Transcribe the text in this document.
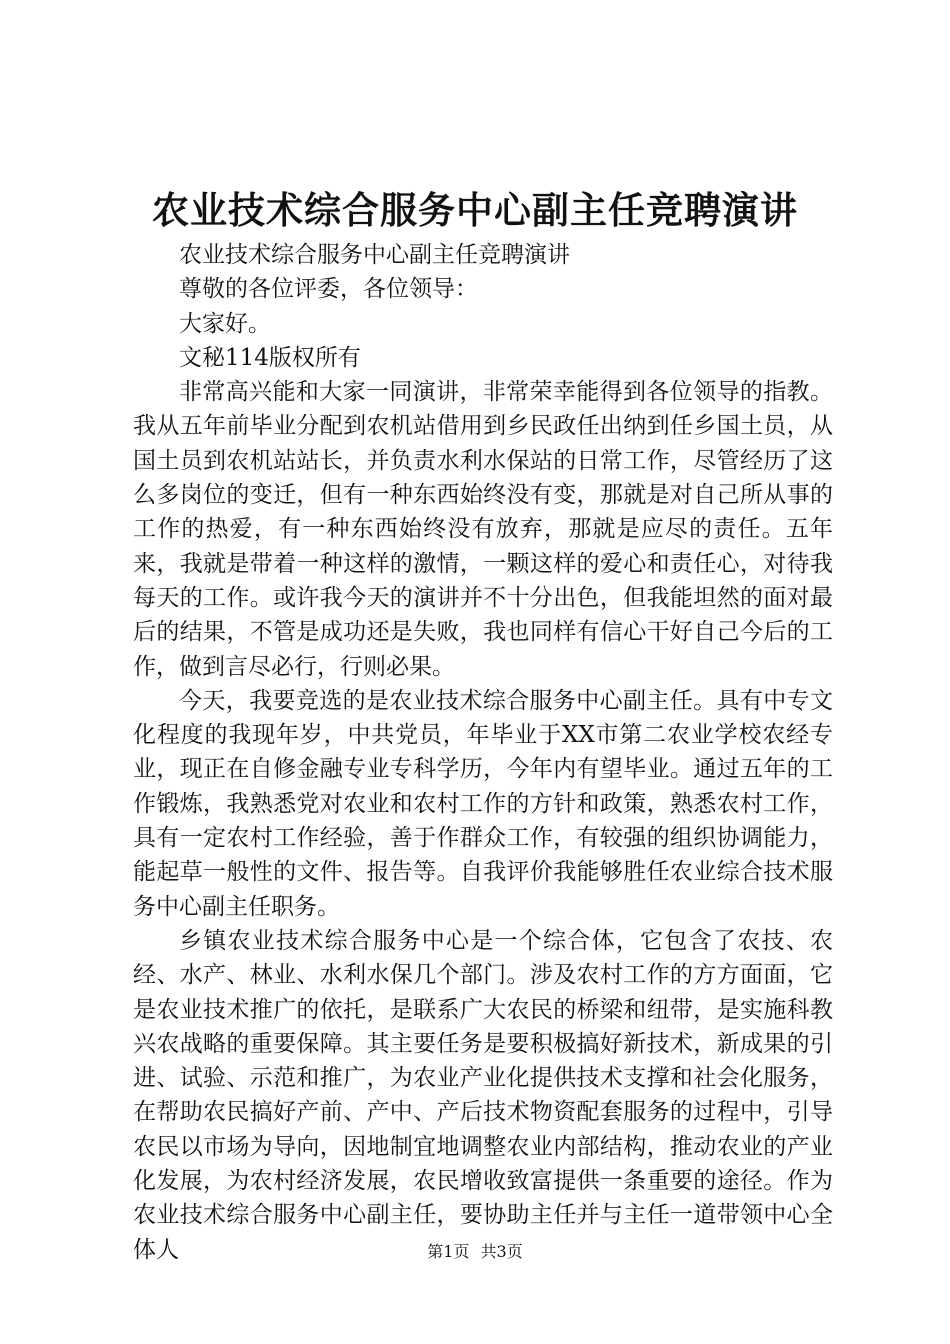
农业技术综合服务中心副主任竞聘演讲

农业技术综合服务中心副主任竞聘演讲

尊敬的各位评委，各位领导：

大家好。

文秘114版权所有

非常高兴能和大家一同演讲，非常荣幸能得到各位领导的指教。我从五年前毕业分配到农机站借用到乡民政任出纳到任乡国土员，从国土员到农机站站长，并负责水利水保站的日常工作，尽管经历了这么多岗位的变迁，但有一种东西始终没有变，那就是对自己所从事的工作的热爱，有一种东西始终没有放弃，那就是应尽的责任。五年来，我就是带着一种这样的激情，一颗这样的爱心和责任心，对待我每天的工作。或许我今天的演讲并不十分出色，但我能坦然的面对最后的结果，不管是成功还是失败，我也同样有信心干好自己今后的工作，做到言尽必行，行则必果。

今天，我要竞选的是农业技术综合服务中心副主任。具有中专文化程度的我现年岁，中共党员，年毕业于XX市第二农业学校农经专业，现正在自修金融专业专科学历，今年内有望毕业。通过五年的工作锻炼，我熟悉党对农业和农村工作的方针和政策，熟悉农村工作，具有一定农村工作经验，善于作群众工作，有较强的组织协调能力，能起草一般性的文件、报告等。自我评价我能够胜任农业综合技术服务中心副主任职务。

乡镇农业技术综合服务中心是一个综合体，它包含了农技、农经、水产、林业、水利水保几个部门。涉及农村工作的方方面面，它是农业技术推广的依托，是联系广大农民的桥梁和纽带，是实施科教兴农战略的重要保障。其主要任务是要积极搞好新技术，新成果的引进、试验、示范和推广，为农业产业化提供技术支撑和社会化服务，在帮助农民搞好产前、产中、产后技术物资配套服务的过程中，引导农民以市场为导向，因地制宜地调整农业内部结构，推动农业的产业化发展，为农村经济发展，农民增收致富提供一条重要的途径。作为农业技术综合服务中心副主任，要协助主任并与主任一道带领中心全体人	第1页 共3页
